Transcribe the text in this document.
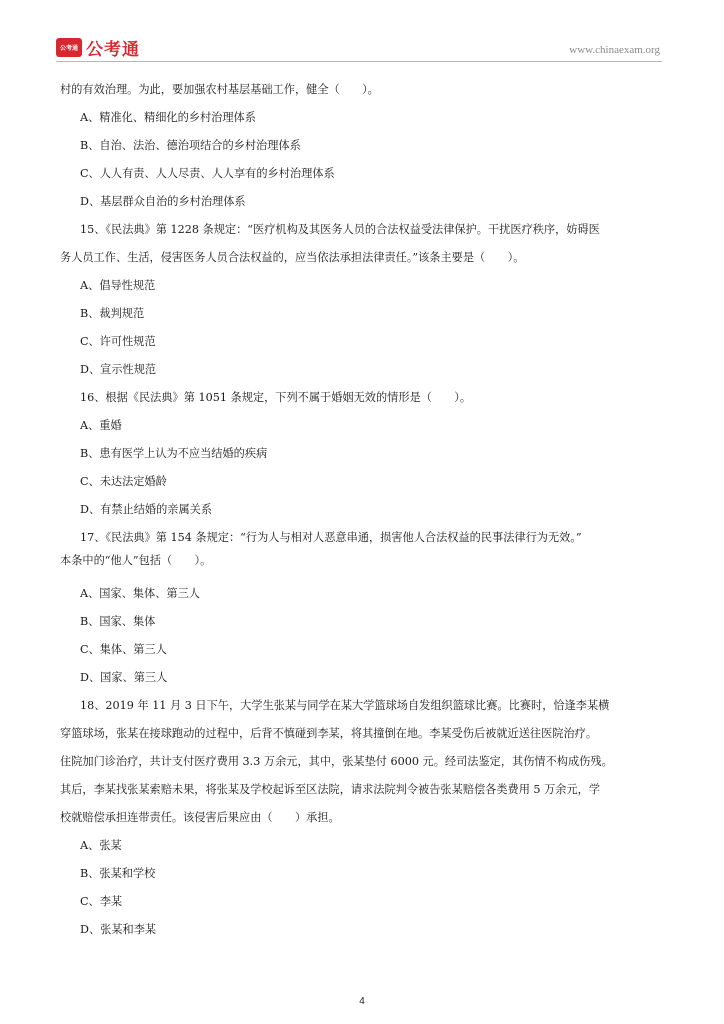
公考通 公考通	www.chinaexam.org
村的有效治理。为此，要加强农村基层基础工作，健全（　　）。
A、精准化、精细化的乡村治理体系
B、自治、法治、德治项结合的乡村治理体系
C、人人有责、人人尽责、人人享有的乡村治理体系
D、基层群众自治的乡村治理体系
15、《民法典》第 1228 条规定：“医疗机构及其医务人员的合法权益受法律保护。干扰医疗秩序，妨碍医
务人员工作、生活，侵害医务人员合法权益的，应当依法承担法律责任。”该条主要是（　　）。
A、倡导性规范
B、裁判规范
C、许可性规范
D、宣示性规范
16、根据《民法典》第 1051 条规定，下列不属于婚姻无效的情形是（　　）。
A、重婚
B、患有医学上认为不应当结婚的疾病
C、未达法定婚龄
D、有禁止结婚的亲属关系
17、《民法典》第 154 条规定：“行为人与相对人恶意串通，损害他人合法权益的民事法律行为无效。”
本条中的“他人”包括（　　）。
A、国家、集体、第三人
B、国家、集体
C、集体、第三人
D、国家、第三人
18、2019 年 11 月 3 日下午，大学生张某与同学在某大学篮球场自发组织篮球比赛。比赛时，恰逢李某横
穿篮球场，张某在接球跑动的过程中，后背不慎碰到李某，将其撞倒在地。李某受伤后被就近送往医院治疗。
住院加门诊治疗，共计支付医疗费用 3.3 万余元，其中，张某垫付 6000 元。经司法鉴定，其伤情不构成伤残。
其后，李某找张某索赔未果，将张某及学校起诉至区法院，请求法院判令被告张某赔偿各类费用 5 万余元，学
校就赔偿承担连带责任。该侵害后果应由（　　）承担。
A、张某
B、张某和学校
C、李某
D、张某和李某
4
